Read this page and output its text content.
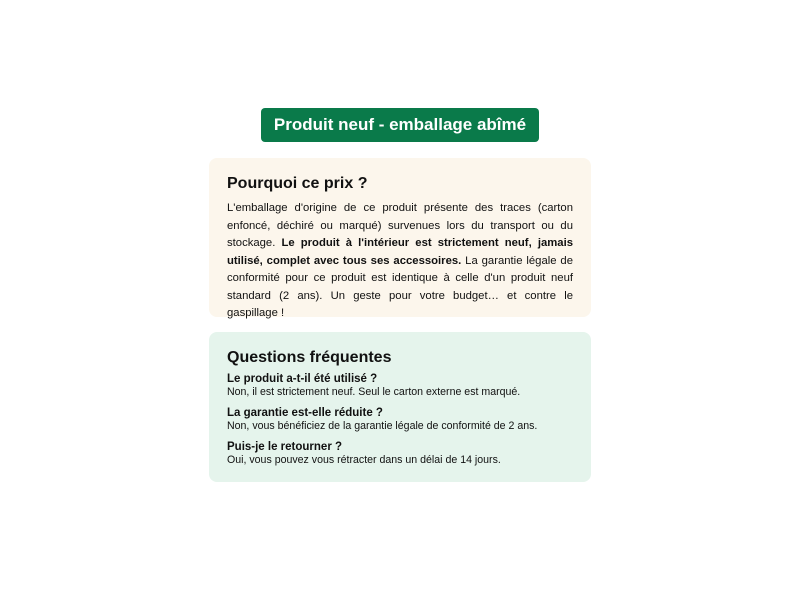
Produit neuf - emballage abîmé
Pourquoi ce prix ?

L'emballage d'origine de ce produit présente des traces (carton enfoncé, déchiré ou marqué) survenues lors du transport ou du stockage. Le produit à l'intérieur est strictement neuf, jamais utilisé, complet avec tous ses accessoires. La garantie légale de conformité pour ce produit est identique à celle d'un produit neuf standard (2 ans). Un geste pour votre budget… et contre le gaspillage !

Questions fréquentes

Le produit a-t-il été utilisé ?

Non, il est strictement neuf. Seul le carton externe est marqué.

La garantie est-elle réduite ?

Non, vous bénéficiez de la garantie légale de conformité de 2 ans.

Puis-je le retourner ?

Oui, vous pouvez vous rétracter dans un délai de 14 jours.
